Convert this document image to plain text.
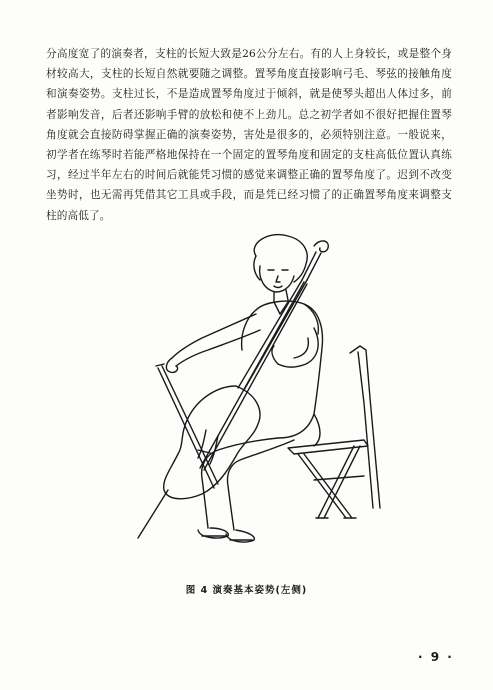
分高度宽了的演奏者，支柱的长短大致是26公分左右。有的人上身较长，或是整个身材较高大，支柱的长短自然就要随之调整。置琴角度直接影响弓毛、琴弦的接触角度和演奏姿势。支柱过长，不是造成置琴角度过于倾斜，就是使琴头超出人体过多，前者影响发音，后者还影响手臂的放松和使不上劲儿。总之初学者如不很好把握住置琴角度就会直接防碍掌握正确的演奏姿势，害处是很多的，必须特别注意。一般说来，初学者在练琴时若能严格地保持在一个固定的置琴角度和固定的支柱高低位置认真练习，经过半年左右的时间后就能凭习惯的感觉来调整正确的置琴角度了。迟到不改变坐势时，也无需再凭借其它工具或手段，而是凭已经习惯了的正确置琴角度来调整支柱的高低了。

图 4 演奏基本姿势(左侧)
· 9 ·
